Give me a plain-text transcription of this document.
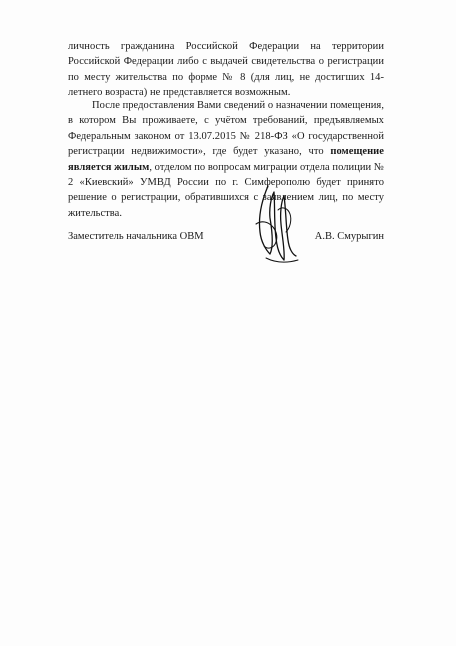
личность гражданина Российской Федерации на территории Российской Федерации либо с выдачей свидетельства о регистрации по месту жительства по форме № 8 (для лиц, не достигших 14-летнего возраста) не представляется возможным.
После предоставления Вами сведений о назначении помещения, в котором Вы проживаете, с учётом требований, предъявляемых Федеральным законом от 13.07.2015 № 218-ФЗ «О государственной регистрации недвижимости», где будет указано, что помещение является жилым, отделом по вопросам миграции отдела полиции № 2 «Киевский» УМВД России по г. Симферополю будет принято решение о регистрации, обратившихся с заявлением лиц, по месту жительства.
Заместитель начальника ОВМ	А.В. Смурыгин
